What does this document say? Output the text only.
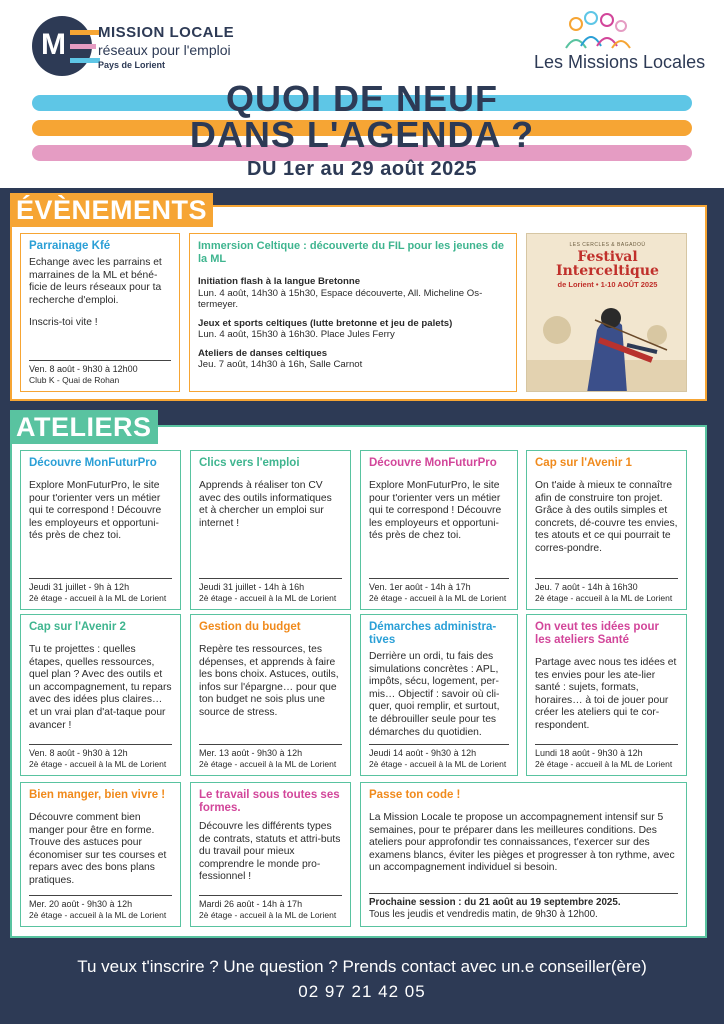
M MISSION LOCALE
réseaux pour l'emploi
Pays de Lorient	Les Missions Locales
QUOI DE NEUF
DANS L'AGENDA ?
DU 1er au 29 août 2025
ÉVÈNEMENTS
Parrainage Kfé

Echange avec les parrains et marraines de la ML et béné-ficie de leurs réseaux pour ta recherche d'emploi.

Inscris-toi vite !

Ven. 8 août - 9h30 à 12h00
Club K - Quai de Rohan
Immersion Celtique : découverte du FIL pour les jeunes de la ML
Initiation flash à la langue Bretonne
Lun. 4 août, 14h30 à 15h30, Espace découverte, All. Micheline Os-termeyer.
Jeux et sports celtiques (lutte bretonne et jeu de palets)
Lun. 4 août, 15h30 à 16h30. Place Jules Ferry
Ateliers de danses celtiques
Jeu. 7 août, 14h30 à 16h, Salle Carnot
LES CERCLES & BAGADOÙ
Festival
Interceltique
de Lorient • 1-10 AOÛT 2025
ATELIERS
Découvre MonFuturPro
Explore MonFuturPro, le site pour t'orienter vers un métier qui te correspond ! Découvre les employeurs et opportuni-tés près de chez toi.
Jeudi 31 juillet - 9h à 12h
2è étage - accueil à la ML de Lorient
Clics vers l'emploi
Apprends à réaliser ton CV avec des outils informatiques et à chercher un emploi sur internet !
Jeudi 31 juillet - 14h à 16h
2è étage - accueil à la ML de Lorient
Découvre MonFuturPro
Explore MonFuturPro, le site pour t'orienter vers un métier qui te correspond ! Découvre les employeurs et opportuni-tés près de chez toi.
Ven. 1er août - 14h à 17h
2è étage - accueil à la ML de Lorient
Cap sur l'Avenir 1
On t'aide à mieux te connaître afin de construire ton projet. Grâce à des outils simples et concrets, dé-couvre tes envies, tes atouts et ce qui pourrait te corres-pondre.
Jeu. 7 août - 14h à 16h30
2è étage - accueil à la ML de Lorient
Cap sur l'Avenir 2
Tu te projettes : quelles étapes, quelles ressources, quel plan ? Avec des outils et un accompagnement, tu repars avec des idées plus claires… et un vrai plan d'at-taque pour avancer !
Ven. 8 août - 9h30 à 12h
2è étage - accueil à la ML de Lorient
Gestion du budget
Repère tes ressources, tes dépenses, et apprends à faire les bons choix. Astuces, outils, infos sur l'épargne… pour que ton budget ne sois plus une source de stress.
Mer. 13 août - 9h30 à 12h
2è étage - accueil à la ML de Lorient
Démarches administra-tives
Derrière un ordi, tu fais des simulations concrètes : APL, impôts, sécu, logement, per-mis… Objectif : savoir où cli-quer, quoi remplir, et surtout, te débrouiller seule pour tes démarches du quotidien.
Jeudi 14 août - 9h30 à 12h
2è étage - accueil à la ML de Lorient
On veut tes idées pour les ateliers Santé
Partage avec nous tes idées et tes envies pour les ate-lier santé : sujets, formats, horaires… à toi de jouer pour créer les ateliers qui te cor-respondent.
Lundi 18 août - 9h30 à 12h
2è étage - accueil à la ML de Lorient
Bien manger, bien vivre !
Découvre comment bien manger pour être en forme. Trouve des astuces pour économiser sur tes courses et repars avec des bons plans pratiques.
Mer. 20 août - 9h30 à 12h
2è étage - accueil à la ML de Lorient
Le travail sous toutes ses formes.
Découvre les différents types de contrats, statuts et attri-buts du travail pour mieux comprendre le monde pro-fessionnel !
Mardi 26 août - 14h à 17h
2è étage - accueil à la ML de Lorient
Passe ton code !
La Mission Locale te propose un accompagnement intensif sur 5 semaines, pour te préparer dans les meilleures conditions. Des ateliers pour approfondir tes connaissances, t'exercer sur des examens blancs, éviter les pièges et progresser à ton rythme, avec un accompagnement individuel si besoin.
Prochaine session : du 21 août au 19 septembre 2025.
Tous les jeudis et vendredis matin, de 9h30 à 12h00.
Tu veux t'inscrire ? Une question ? Prends contact avec un.e conseiller(ère)
02 97 21 42 05
